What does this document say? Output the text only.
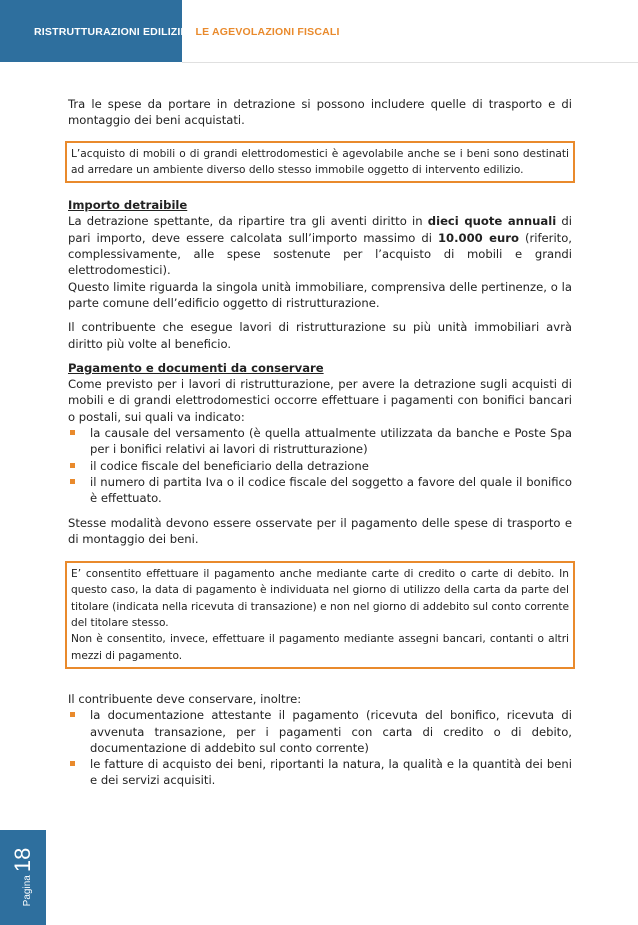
RISTRUTTURAZIONI EDILIZIE: LE AGEVOLAZIONI FISCALI

Tra le spese da portare in detrazione si possono includere quelle di trasporto e di montaggio dei beni acquistati.

L’acquisto di mobili o di grandi elettrodomestici è agevolabile anche se i beni sono destinati ad arredare un ambiente diverso dello stesso immobile oggetto di intervento edilizio.

Importo detraibile

La detrazione spettante, da ripartire tra gli aventi diritto in dieci quote annuali di pari importo, deve essere calcolata sull’importo massimo di 10.000 euro (riferito, complessivamente, alle spese sostenute per l’acquisto di mobili e grandi elettrodomestici).

Questo limite riguarda la singola unità immobiliare, comprensiva delle pertinenze, o la parte comune dell’edificio oggetto di ristrutturazione.

Il contribuente che esegue lavori di ristrutturazione su più unità immobiliari avrà diritto più volte al beneficio.

Pagamento e documenti da conservare

Come previsto per i lavori di ristrutturazione, per avere la detrazione sugli acquisti di mobili e di grandi elettrodomestici occorre effettuare i pagamenti con bonifici bancari o postali, sui quali va indicato:

la causale del versamento (è quella attualmente utilizzata da banche e Poste Spa per i bonifici relativi ai lavori di ristrutturazione)
il codice fiscale del beneficiario della detrazione
il numero di partita Iva o il codice fiscale del soggetto a favore del quale il bonifico è effettuato.

Stesse modalità devono essere osservate per il pagamento delle spese di trasporto e di montaggio dei beni.

E’ consentito effettuare il pagamento anche mediante carte di credito o carte di debito. In questo caso, la data di pagamento è individuata nel giorno di utilizzo della carta da parte del titolare (indicata nella ricevuta di transazione) e non nel giorno di addebito sul conto corrente del titolare stesso.

Non è consentito, invece, effettuare il pagamento mediante assegni bancari, contanti o altri mezzi di pagamento.

Il contribuente deve conservare, inoltre:

la documentazione attestante il pagamento (ricevuta del bonifico, ricevuta di avvenuta transazione, per i pagamenti con carta di credito o di debito, documentazione di addebito sul conto corrente)
le fatture di acquisto dei beni, riportanti la natura, la qualità e la quantità dei beni e dei servizi acquisiti.
Pagina18
